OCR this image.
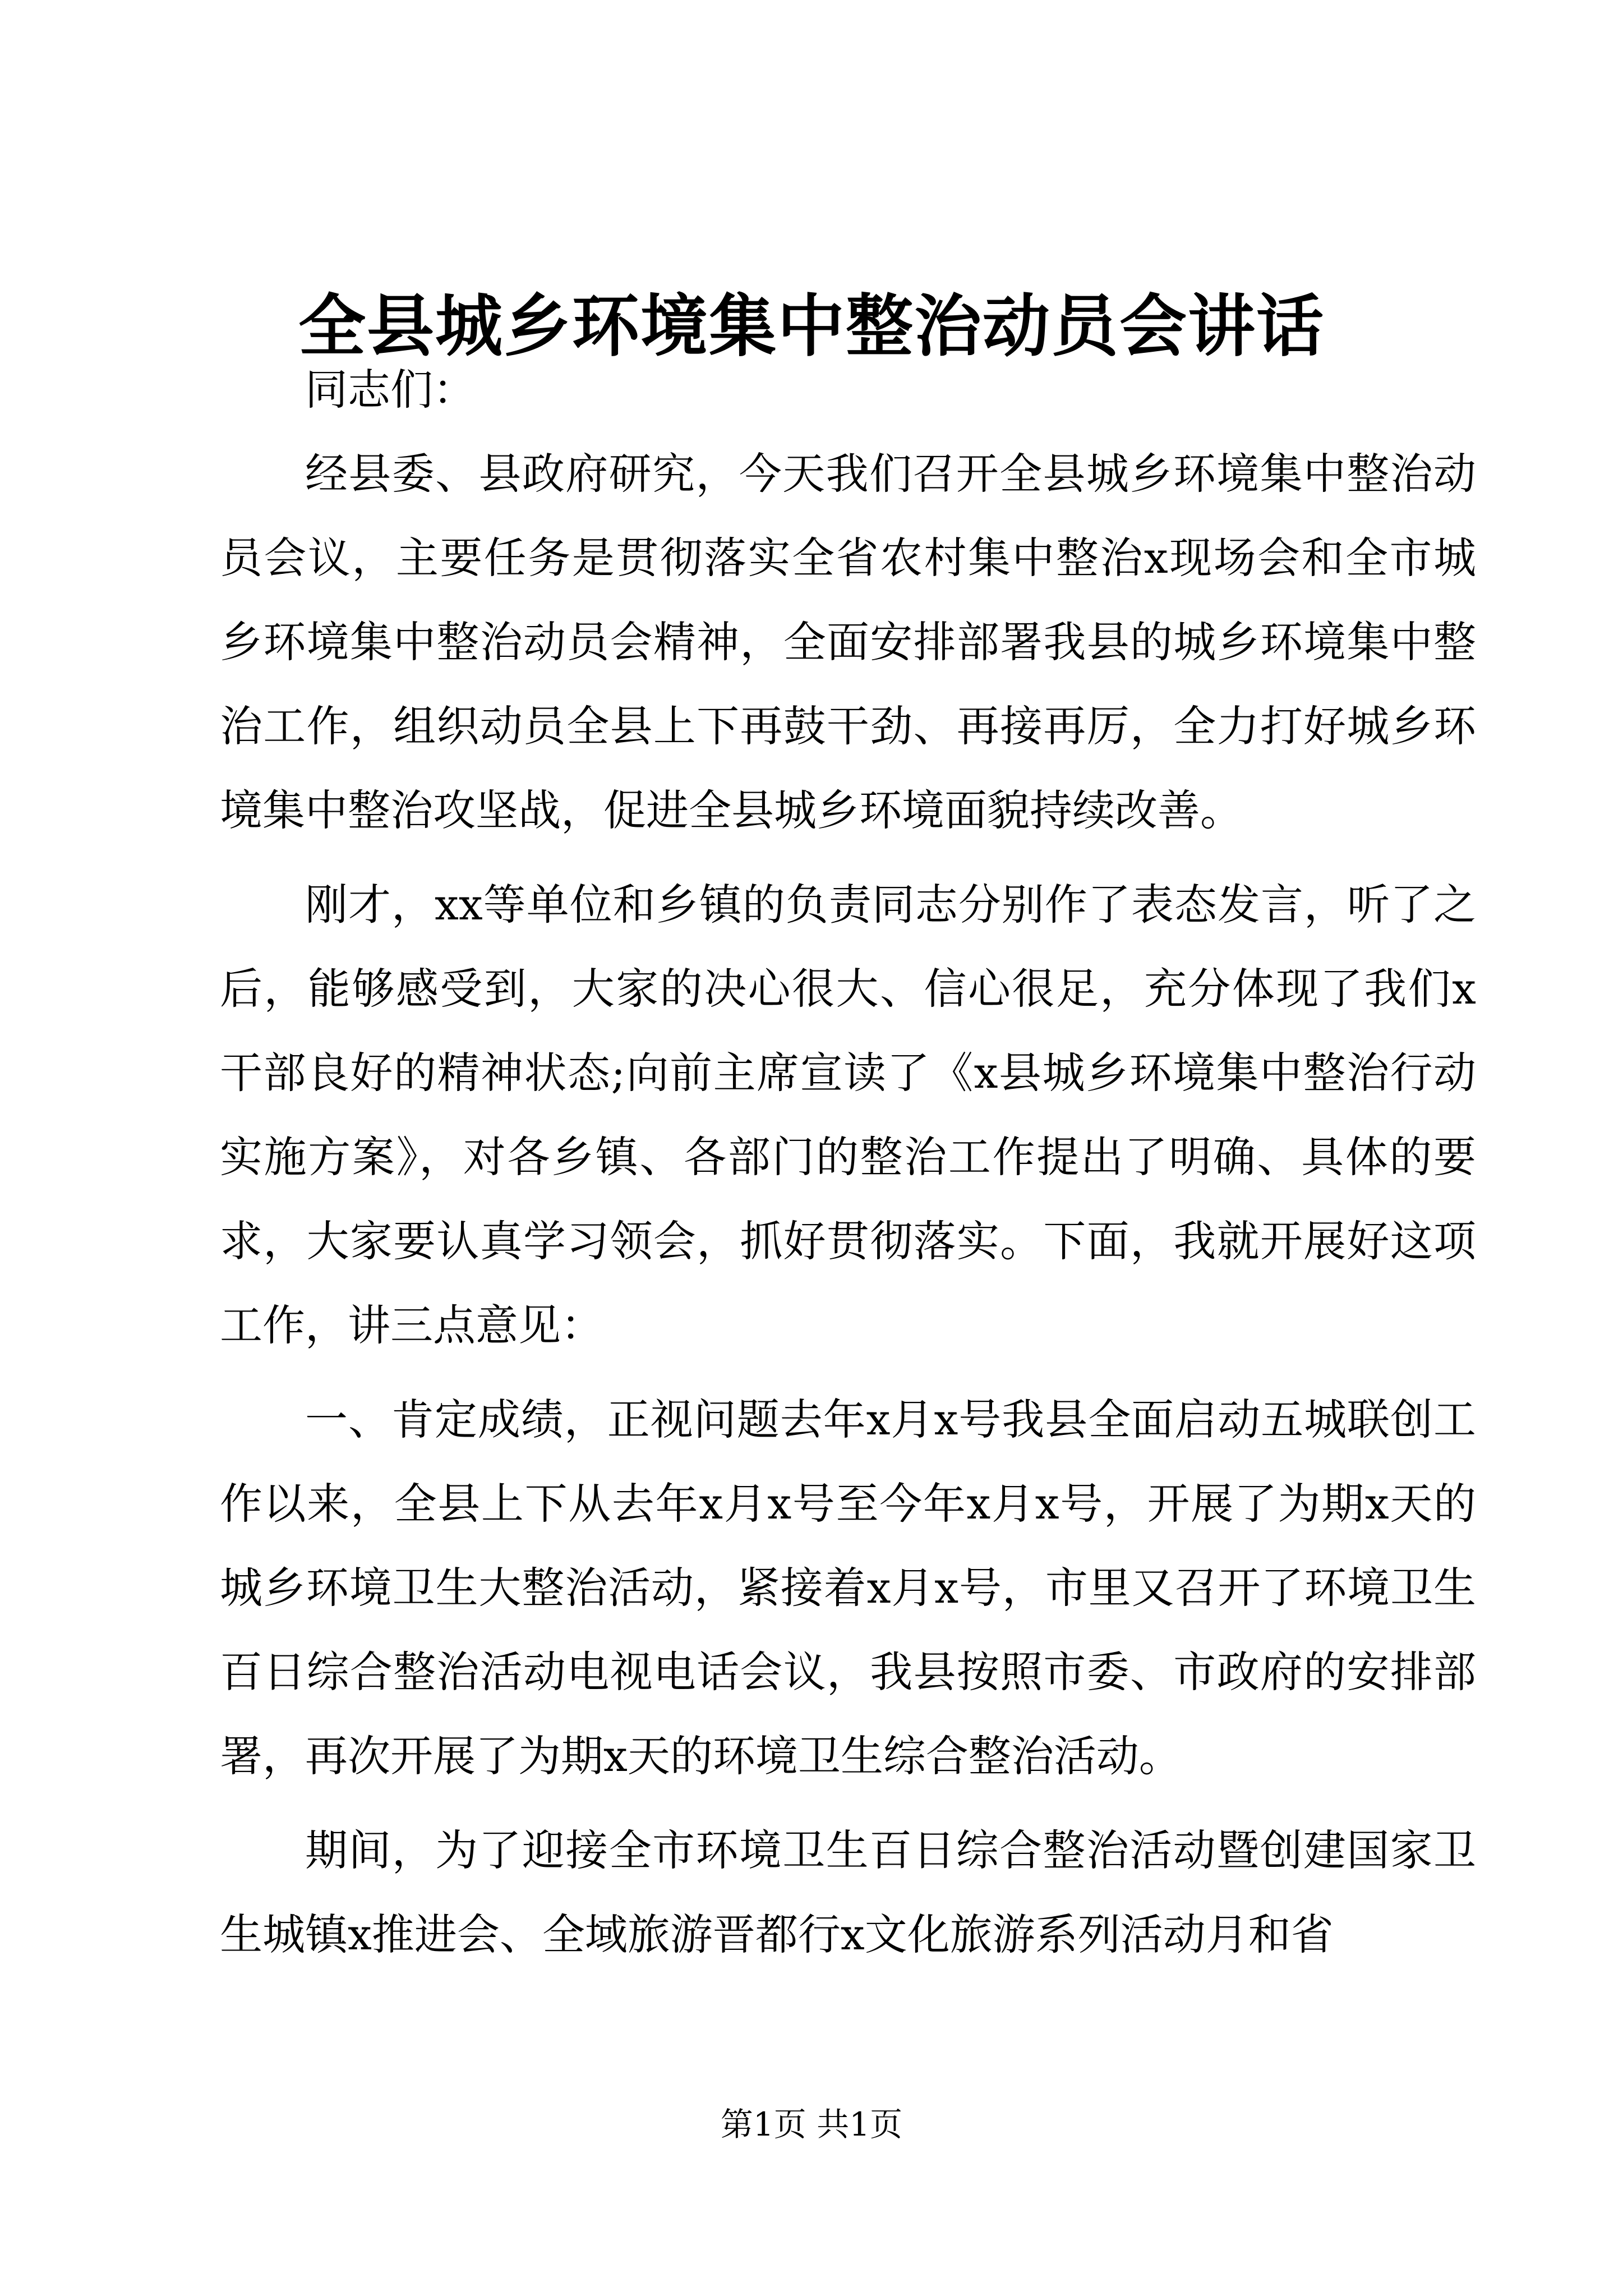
全县城乡环境集中整治动员会讲话

同志们：

经县委、县政府研究，今天我们召开全县城乡环境集中整治动员会议，主要任务是贯彻落实全省农村集中整治x现场会和全市城乡环境集中整治动员会精神，全面安排部署我县的城乡环境集中整治工作，组织动员全县上下再鼓干劲、再接再厉，全力打好城乡环境集中整治攻坚战，促进全县城乡环境面貌持续改善。

刚才，xx等单位和乡镇的负责同志分别作了表态发言，听了之后，能够感受到，大家的决心很大、信心很足，充分体现了我们x干部良好的精神状态;向前主席宣读了《x县城乡环境集中整治行动实施方案》，对各乡镇、各部门的整治工作提出了明确、具体的要求，大家要认真学习领会，抓好贯彻落实。下面，我就开展好这项工作，讲三点意见：

一、肯定成绩，正视问题去年x月x号我县全面启动五城联创工作以来，全县上下从去年x月x号至今年x月x号，开展了为期x天的城乡环境卫生大整治活动，紧接着x月x号，市里又召开了环境卫生百日综合整治活动电视电话会议，我县按照市委、市政府的安排部署，再次开展了为期x天的环境卫生综合整治活动。

期间，为了迎接全市环境卫生百日综合整治活动暨创建国家卫生城镇x推进会、全域旅游晋都行x文化旅游系列活动月和省

第1页 共1页
